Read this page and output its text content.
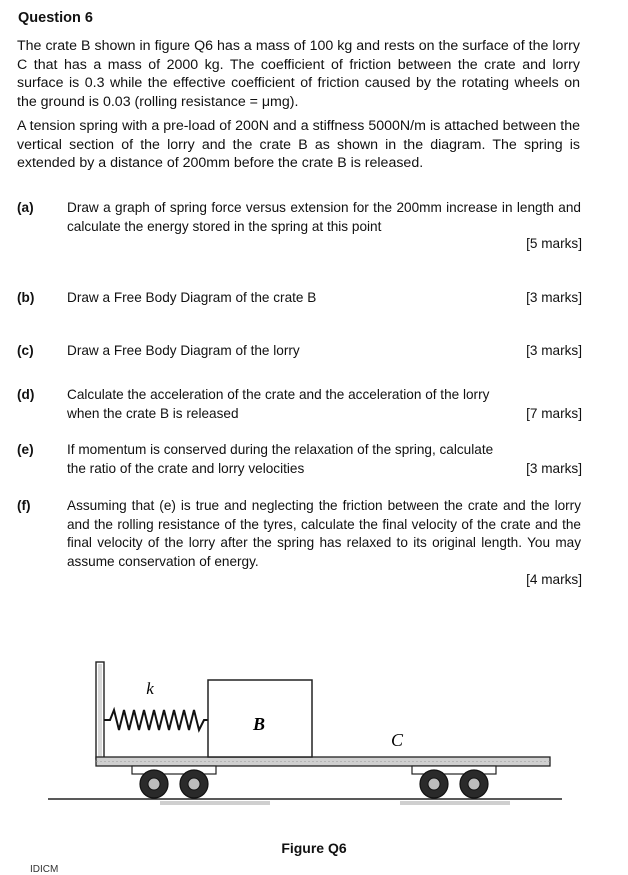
Question 6
The crate B shown in figure Q6 has a mass of 100 kg and rests on the surface of the lorry C that has a mass of 2000 kg. The coefficient of friction between the crate and lorry surface is 0.3 while the effective coefficient of friction caused by the rotating wheels on the ground is 0.03 (rolling resistance = μmg).
A tension spring with a pre-load of 200N and a stiffness 5000N/m is attached between the vertical section of the lorry and the crate B as shown in the diagram. The spring is extended by a distance of 200mm before the crate B is released.
(a) Draw a graph of spring force versus extension for the 200mm increase in length and calculate the energy stored in the spring at this point
[5 marks]
(b) Draw a Free Body Diagram of the crate B	[3 marks]
(c) Draw a Free Body Diagram of the lorry	[3 marks]
(d) Calculate the acceleration of the crate and the acceleration of the lorry when the crate B is released	[7 marks]
(e) If momentum is conserved during the relaxation of the spring, calculate the ratio of the crate and lorry velocities	[3 marks]
(f)	Assuming that (e) is true and neglecting the friction between the crate and the lorry and the rolling resistance of the tyres, calculate the final velocity of the crate and the final velocity of the lorry after the spring has relaxed to its original length. You may assume conservation of energy.
[4 marks]
k
B
C
Figure Q6
IDICM
